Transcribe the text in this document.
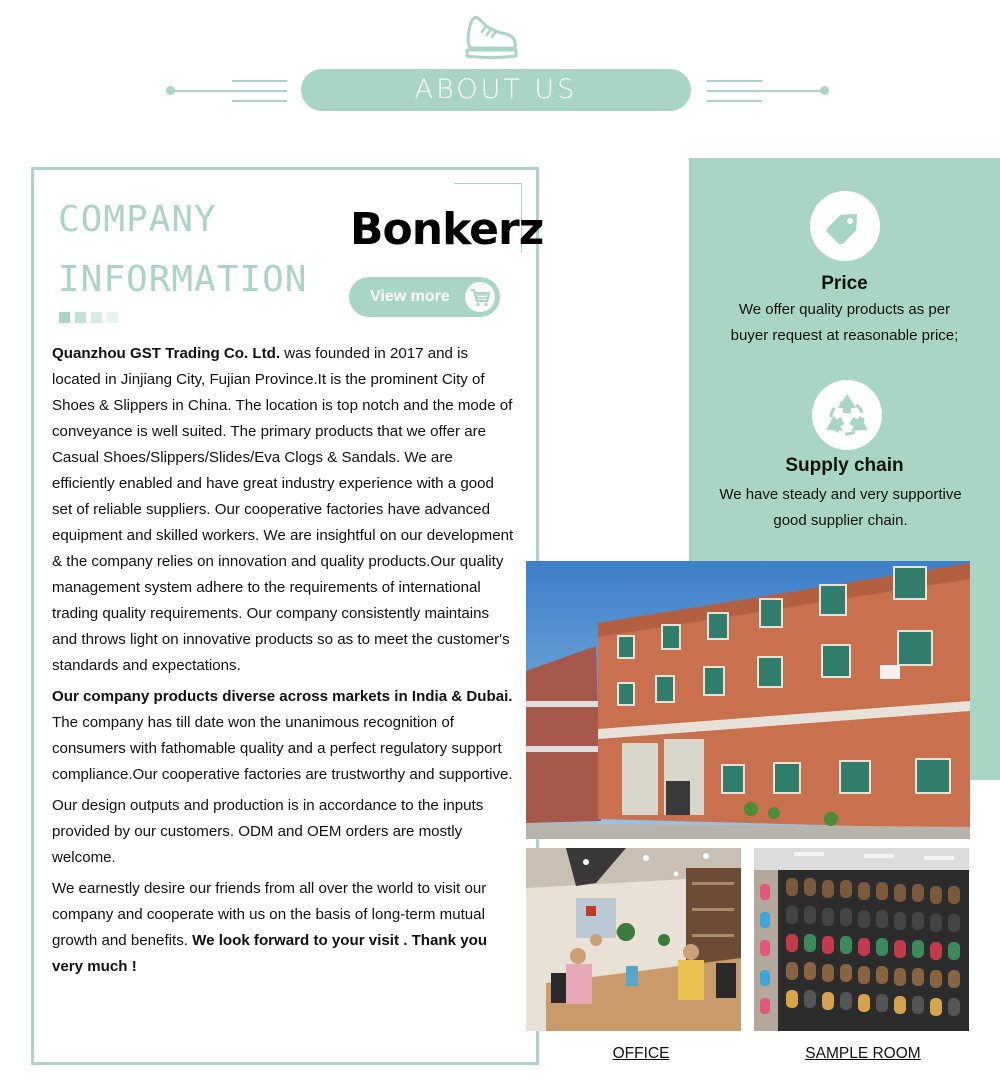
ABOUT US
Price
We offer quality products as per
buyer request at reasonable price;
Supply chain
We have steady and very supportive
good supplier chain.
COMPANY
INFORMATION
Bonkerz
View more

Quanzhou GST Trading Co. Ltd. was founded in 2017 and is located in Jinjiang City, Fujian Province.It is the prominent City of Shoes & Slippers in China. The location is top notch and the mode of conveyance is well suited. The primary products that we offer are Casual Shoes/Slippers/Slides/Eva Clogs & Sandals. We are efficiently enabled and have great industry experience with a good set of reliable suppliers. Our cooperative factories have advanced equipment and skilled workers. We are insightful on our development & the company relies on innovation and quality products.Our quality management system adhere to the requirements of international trading quality requirements. Our company consistently maintains and throws light on innovative products so as to meet the customer's standards and expectations.

Our company products diverse across markets in India & Dubai. The company has till date won the unanimous recognition of consumers with fathomable quality and a perfect regulatory support compliance.Our cooperative factories are trustworthy and supportive.

Our design outputs and production is in accordance to the inputs provided by our customers. ODM and OEM orders are mostly welcome.

We earnestly desire our friends from all over the world to visit our company and cooperate with us on the basis of long-term mutual growth and benefits. We look forward to your visit . Thank you very much !

OFFICE	SAMPLE ROOM
